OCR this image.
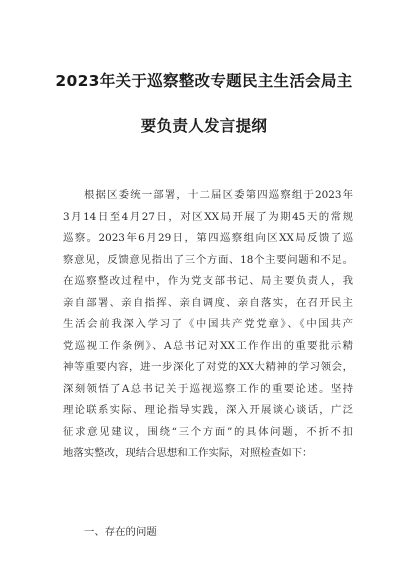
2023年关于巡察整改专题民主生活会局主
要负责人发言提纲
根据区委统一部署，十二届区委第四巡察组于2023年
3月14日至4月27日，对区XX局开展了为期45天的常规
巡察。2023年6月29日，第四巡察组向区XX局反馈了巡
察意见，反馈意见指出了三个方面、18个主要问题和不足。
在巡察整改过程中，作为党支部书记、局主要负责人，我
亲自部署、亲自指挥、亲自调度、亲自落实，在召开民主
生活会前我深入学习了《中国共产党党章》、《中国共产
党巡视工作条例》、A总书记对XX工作作出的重要批示精
神等重要内容，进一步深化了对党的XX大精神的学习领会，
深刻领悟了A总书记关于巡视巡察工作的重要论述。坚持
理论联系实际、理论指导实践，深入开展谈心谈话，广泛
征求意见建议，围绕“三个方面”的具体问题，不折不扣
地落实整改，现结合思想和工作实际，对照检查如下：
一、存在的问题
